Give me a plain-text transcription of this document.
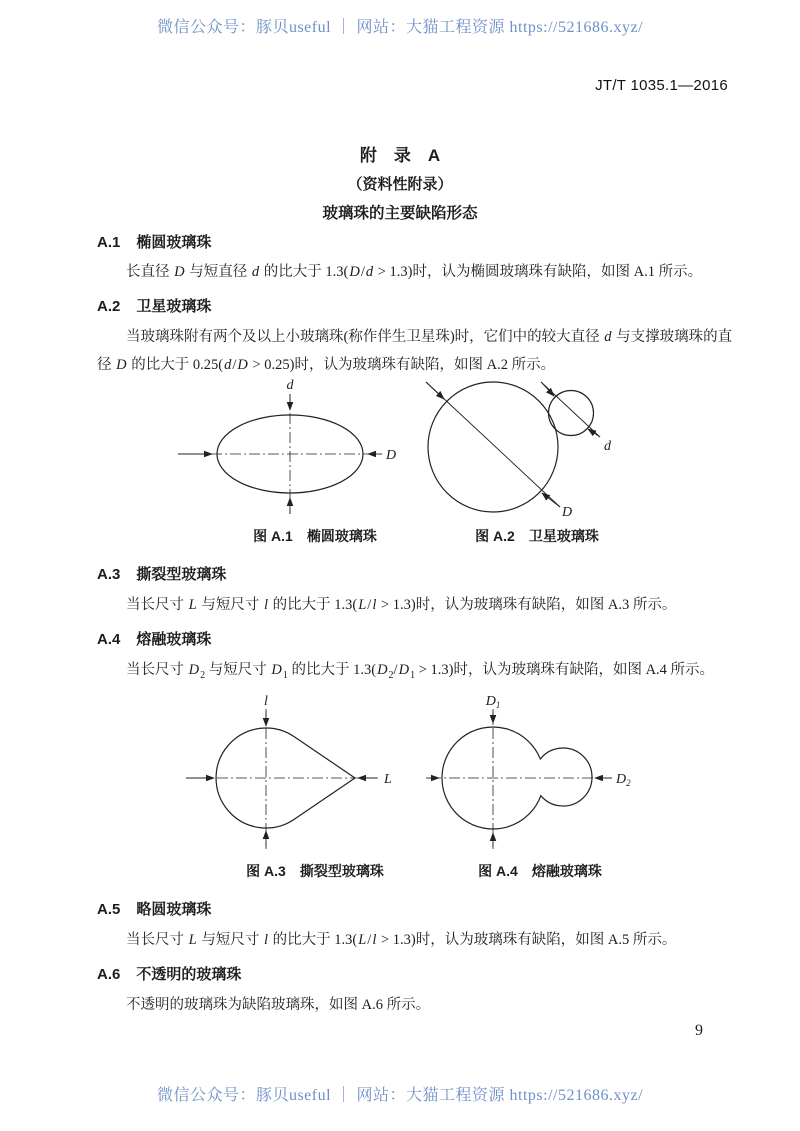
微信公众号：豚贝useful ｜ 网站：大猫工程资源 https://521686.xyz/
JT/T 1035.1—2016
附　录　A
（资料性附录）
玻璃珠的主要缺陷形态
A.1 椭圆玻璃珠

长直径 D 与短直径 d 的比大于 1.3(D/d > 1.3)时，认为椭圆玻璃珠有缺陷，如图 A.1 所示。

A.2 卫星玻璃珠

当玻璃珠附有两个及以上小玻璃珠(称作伴生卫星珠)时，它们中的较大直径 d 与支撑玻璃珠的直径 D 的比大于 0.25(d/D > 0.25)时，认为玻璃珠有缺陷，如图 A.2 所示。

d
D
D
d
图 A.1 椭圆玻璃珠	图 A.2 卫星玻璃珠
A.3 撕裂型玻璃珠

当长尺寸 L 与短尺寸 l 的比大于 1.3(L/l > 1.3)时，认为玻璃珠有缺陷，如图 A.3 所示。

A.4 熔融玻璃珠

当长尺寸 $D_2$ 与短尺寸 $D_1$ 的比大于 $1.3(D_2/D_1 > 1.3)$时，认为玻璃珠有缺陷，如图 A.4 所示。

l
L
$D_1$
$D_2$
图 A.3 撕裂型玻璃珠	图 A.4 熔融玻璃珠
A.5 略圆玻璃珠

当长尺寸 L 与短尺寸 l 的比大于 1.3(L/l > 1.3)时，认为玻璃珠有缺陷，如图 A.5 所示。

A.6 不透明的玻璃珠

不透明的玻璃珠为缺陷玻璃珠，如图 A.6 所示。

9
微信公众号：豚贝useful ｜ 网站：大猫工程资源 https://521686.xyz/
